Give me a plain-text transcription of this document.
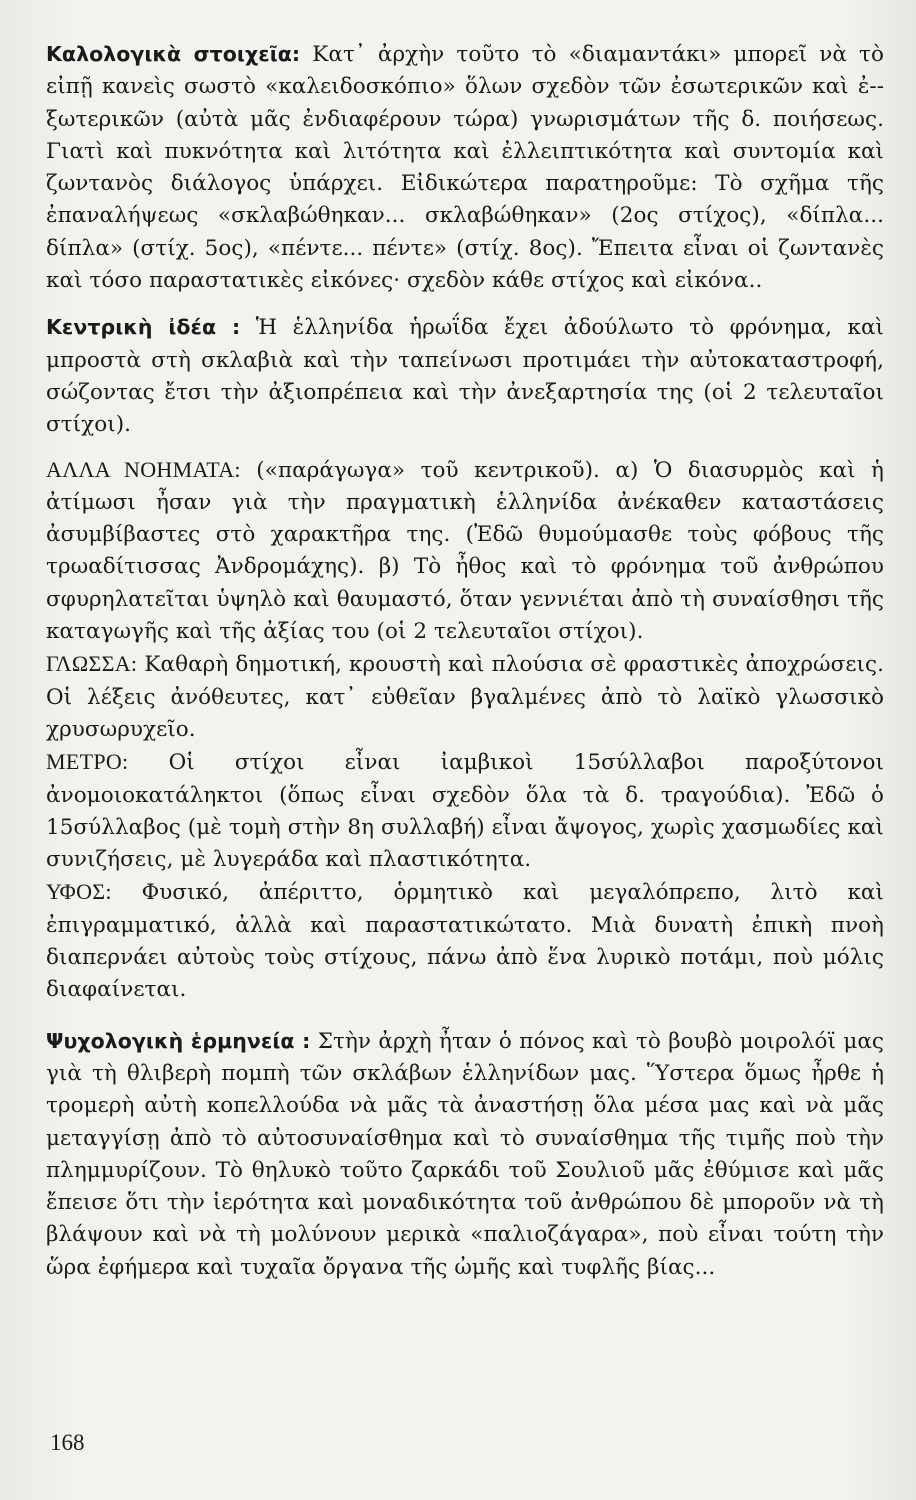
Καλολογικὰ στοιχεῖα: Κατ᾿ ἀρχὴν τοῦτο τὸ «διαμαντάκι» μπορεῖ νὰ τὸ εἰπῇ κανεὶς σωστὸ «καλειδοσκόπιο» ὅλων σχεδὸν τῶν ἐσωτερικῶν καὶ ἐ-ξωτερικῶν (αὐτὰ μᾶς ἐνδιαφέρουν τώρα) γνωρισμάτων τῆς δ. ποιήσεως. Γιατὶ καὶ πυκνότητα καὶ λιτότητα καὶ ἐλλειπτικότητα καὶ συντομία καὶ ζωντανὸς διάλογος ὑπάρχει. Εἰδικώτερα παρατηροῦμε: Τὸ σχῆμα τῆς ἐπαναλήψεως «σκλαβώθηκαν... σκλαβώθηκαν» (2ος στίχος), «δίπλα... δίπλα» (στίχ. 5ος), «πέντε... πέντε» (στίχ. 8ος). Ἔπειτα εἶναι οἱ ζωντανὲς καὶ τόσο παραστατικὲς εἰκόνες· σχεδὸν κάθε στίχος καὶ εἰκόνα..

Κεντρικὴ ἰδέα : Ἡ ἑλληνίδα ἡρωΐδα ἔχει ἀδούλωτο τὸ φρόνημα, καὶ μπροστὰ στὴ σκλαβιὰ καὶ τὴν ταπείνωσι προτιμάει τὴν αὐτοκαταστροφή, σώζοντας ἔτσι τὴν ἀξιοπρέπεια καὶ τὴν ἀνεξαρτησία της (οἱ 2 τελευταῖοι στίχοι).

ΑΛΛΑ ΝΟΗΜΑΤΑ: («παράγωγα» τοῦ κεντρικοῦ). α) Ὁ διασυρμὸς καὶ ἡ ἀτίμωσι ἦσαν γιὰ τὴν πραγματικὴ ἑλληνίδα ἀνέκαθεν καταστάσεις ἀσυμβίβαστες στὸ χαρακτῆρα της. (Ἐδῶ θυμούμασθε τοὺς φόβους τῆς τρωαδίτισσας Ἀνδρομάχης). β) Τὸ ἦθος καὶ τὸ φρόνημα τοῦ ἀνθρώπου σφυρηλατεῖται ὑψηλὸ καὶ θαυμαστό, ὅταν γεννιέται ἀπὸ τὴ συναίσθησι τῆς καταγωγῆς καὶ τῆς ἀξίας του (οἱ 2 τελευταῖοι στίχοι).

ΓΛΩΣΣΑ: Καθαρὴ δημοτική, κρουστὴ καὶ πλούσια σὲ φραστικὲς ἀποχρώσεις. Οἱ λέξεις ἀνόθευτες, κατ᾿ εὐθεῖαν βγαλμένες ἀπὸ τὸ λαϊκὸ γλωσσικὸ χρυσωρυχεῖο.

ΜΕΤΡΟ: Οἱ στίχοι εἶναι ἰαμβικοὶ 15σύλλαβοι παροξύτονοι ἀνομοιοκατάληκτοι (ὅπως εἶναι σχεδὸν ὅλα τὰ δ. τραγούδια). Ἐδῶ ὁ 15σύλλαβος (μὲ τομὴ στὴν 8η συλλαβή) εἶναι ἄψογος, χωρὶς χασμωδίες καὶ συνιζήσεις, μὲ λυγεράδα καὶ πλαστικότητα.

ΥΦΟΣ: Φυσικό, ἀπέριττο, ὁρμητικὸ καὶ μεγαλόπρεπο, λιτὸ καὶ ἐπιγραμματικό, ἀλλὰ καὶ παραστατικώτατο. Μιὰ δυνατὴ ἐπικὴ πνοὴ διαπερνάει αὐτοὺς τοὺς στίχους, πάνω ἀπὸ ἕνα λυρικὸ ποτάμι, ποὺ μόλις διαφαίνεται.

Ψυχολογικὴ ἑρμηνεία : Στὴν ἀρχὴ ἦταν ὁ πόνος καὶ τὸ βουβὸ μοιρολόϊ μας γιὰ τὴ θλιβερὴ πομπὴ τῶν σκλάβων ἑλληνίδων μας. Ὕστερα ὅμως ἦρθε ἡ τρομερὴ αὐτὴ κοπελλούδα νὰ μᾶς τὰ ἀναστήσῃ ὅλα μέσα μας καὶ νὰ μᾶς μεταγγίσῃ ἀπὸ τὸ αὐτοσυναίσθημα καὶ τὸ συναίσθημα τῆς τιμῆς ποὺ τὴν πλημμυρίζουν. Τὸ θηλυκὸ τοῦτο ζαρκάδι τοῦ Σουλιοῦ μᾶς ἐθύμισε καὶ μᾶς ἔπεισε ὅτι τὴν ἱερότητα καὶ μοναδικότητα τοῦ ἀνθρώπου δὲ μποροῦν νὰ τὴ βλάψουν καὶ νὰ τὴ μολύνουν μερικὰ «παλιοζάγαρα», ποὺ εἶναι τούτη τὴν ὥρα ἐφήμερα καὶ τυχαῖα ὄργανα τῆς ὠμῆς καὶ τυφλῆς βίας...

168
